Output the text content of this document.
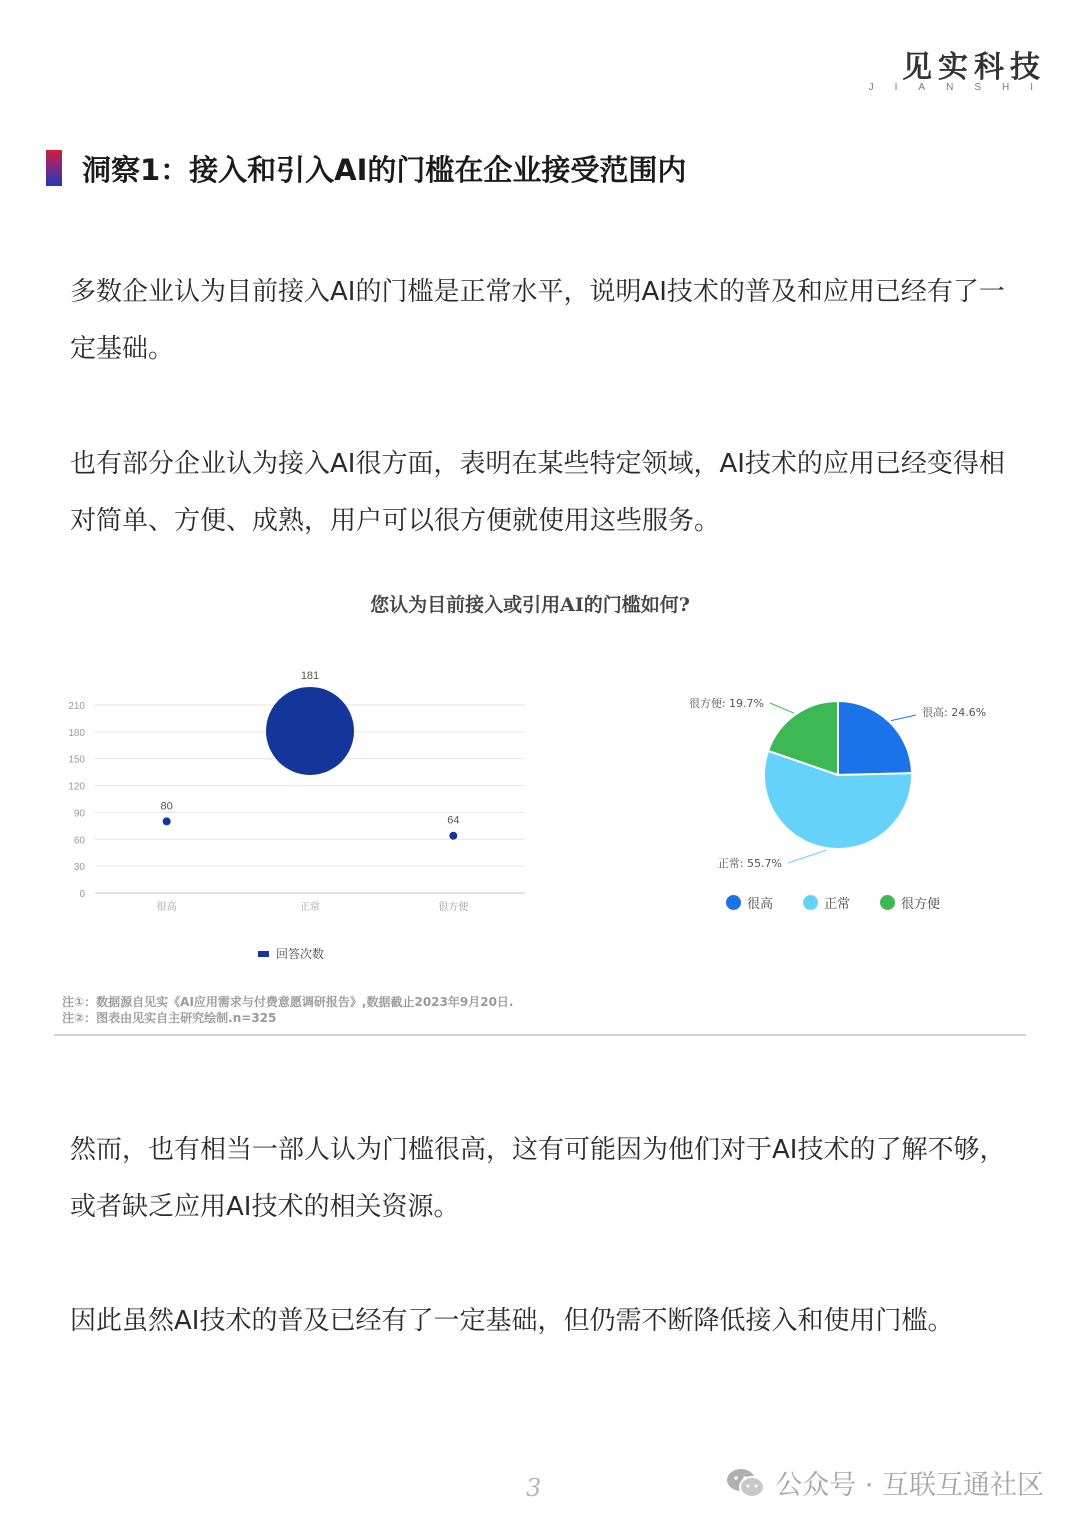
见实科技
JIANSHI
洞察1：接入和引入AI的门槛在企业接受范围内
多数企业认为目前接入AI的门槛是正常水平，说明AI技术的普及和应用已经有了一定基础。
也有部分企业认为接入AI很方面，表明在某些特定领域，AI技术的应用已经变得相对简单、方便、成熟，用户可以很方便就使用这些服务。
您认为目前接入或引用AI的门槛如何?
0
30
60
90
120
150
180
210
很高
80
正常
181
很方便
64
回答次数
很高: 24.6%
正常: 55.7%
很方便: 19.7%
很高	正常	很方便
注①：数据源自见实《AI应用需求与付费意愿调研报告》,数据截止2023年9月20日.
注②：图表由见实自主研究绘制.n=325
然而，也有相当一部人认为门槛很高，这有可能因为他们对于AI技术的了解不够，或者缺乏应用AI技术的相关资源。
因此虽然AI技术的普及已经有了一定基础，但仍需不断降低接入和使用门槛。
3	公众号 · 互联互通社区
